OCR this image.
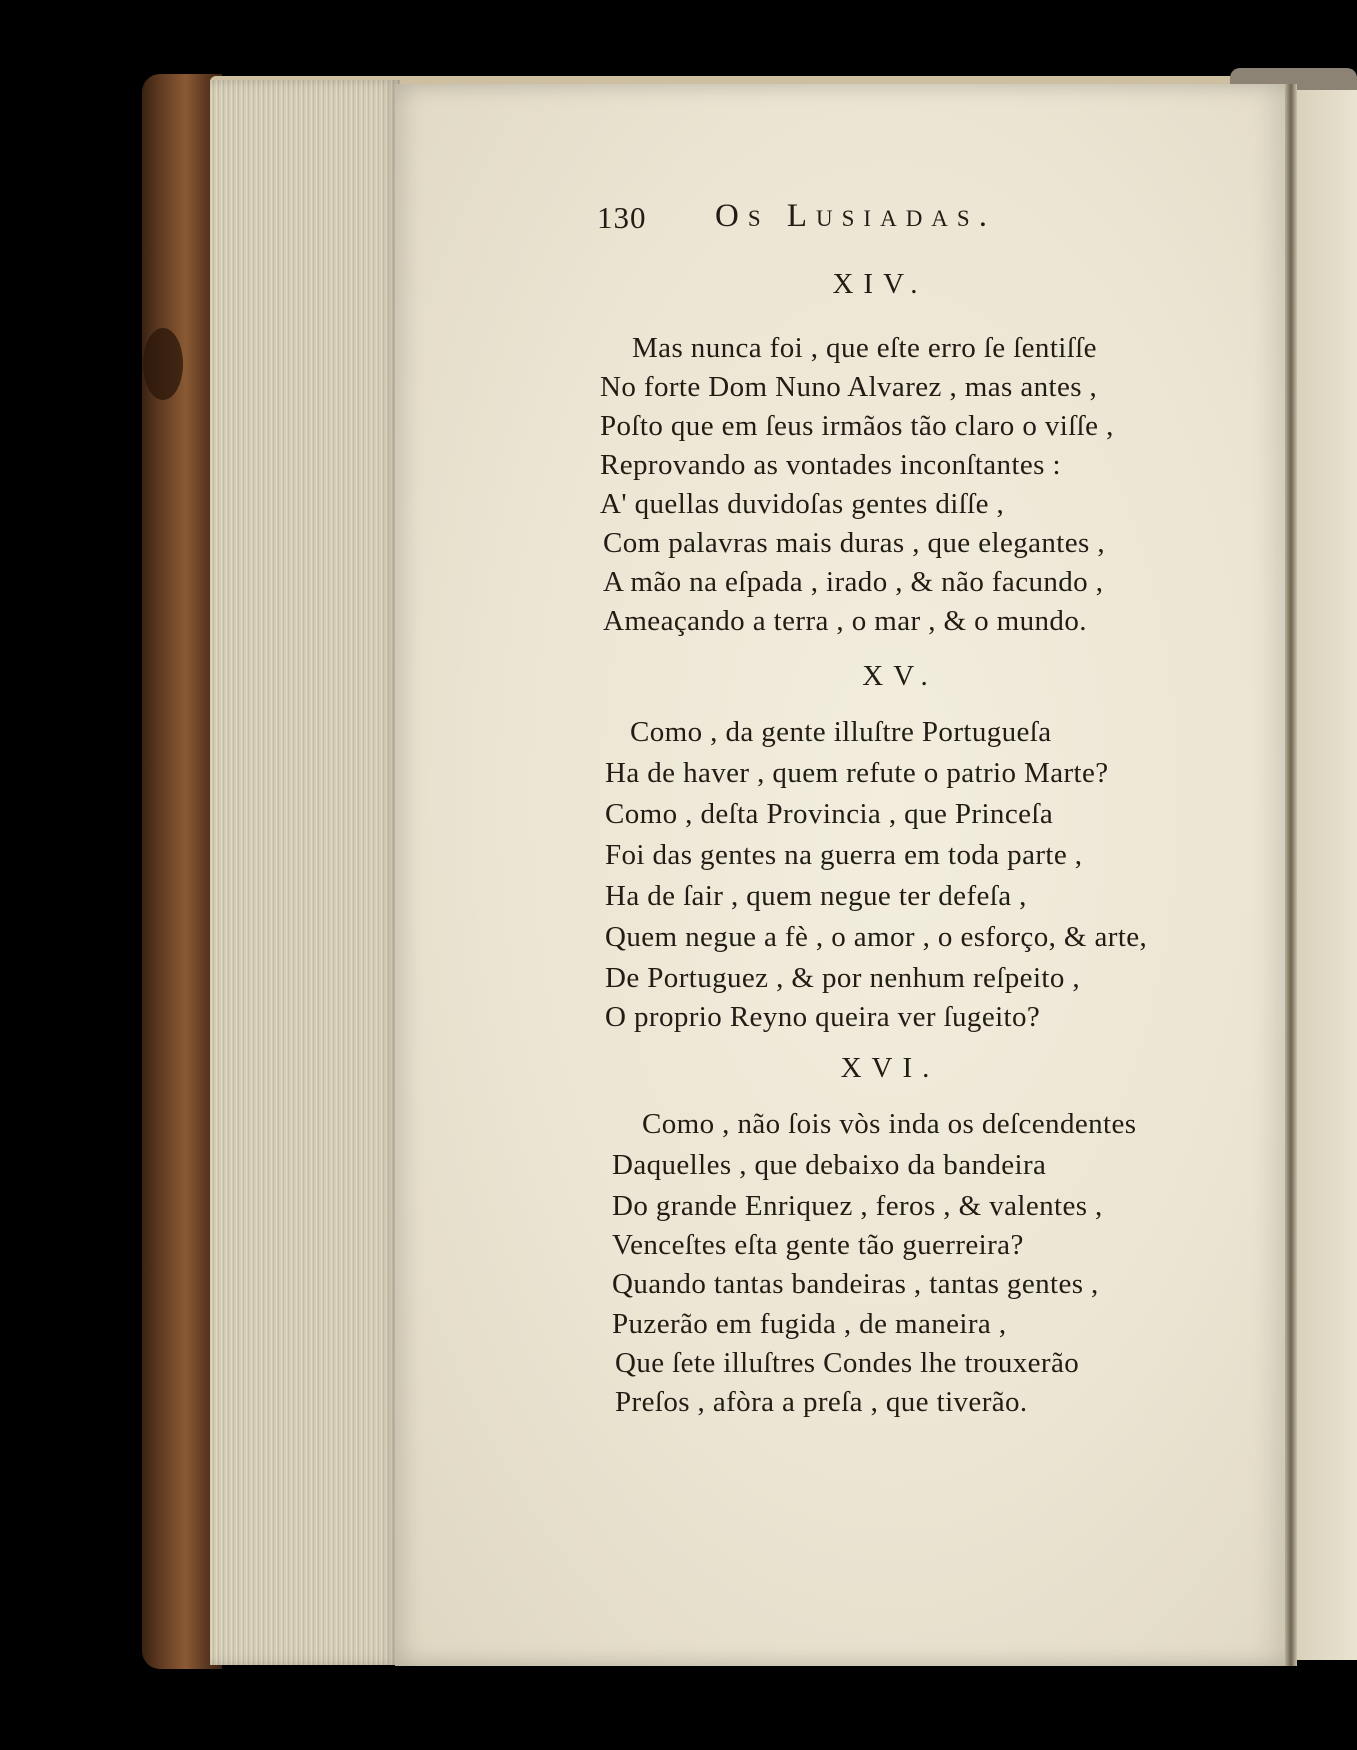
130 Os Lusiadas.
XIV.
Mas nunca foi , que eſte erro ſe ſentiſſe
No forte Dom Nuno Alvarez , mas antes ,
Poſto que em ſeus irmãos tão claro o viſſe ,
Reprovando as vontades inconſtantes :
A' quellas duvidoſas gentes diſſe ,
Com palavras mais duras , que elegantes ,
A mão na eſpada , irado , & não facundo ,
Ameaçando a terra , o mar , & o mundo.
XV.
Como , da gente illuſtre Portugueſa
Ha de haver , quem refute o patrio Marte?
Como , deſta Provincia , que Princeſa
Foi das gentes na guerra em toda parte ,
Ha de ſair , quem negue ter defeſa ,
Quem negue a fè , o amor , o esforço, & arte,
De Portuguez , & por nenhum reſpeito ,
O proprio Reyno queira ver ſugeito?
XVI.
Como , não ſois vòs inda os deſcendentes
Daquelles , que debaixo da bandeira
Do grande Enriquez , feros , & valentes ,
Venceſtes eſta gente tão guerreira?
Quando tantas bandeiras , tantas gentes ,
Puzerão em fugida , de maneira ,
Que ſete illuſtres Condes lhe trouxerão
Preſos , afòra a preſa , que tiverão.
